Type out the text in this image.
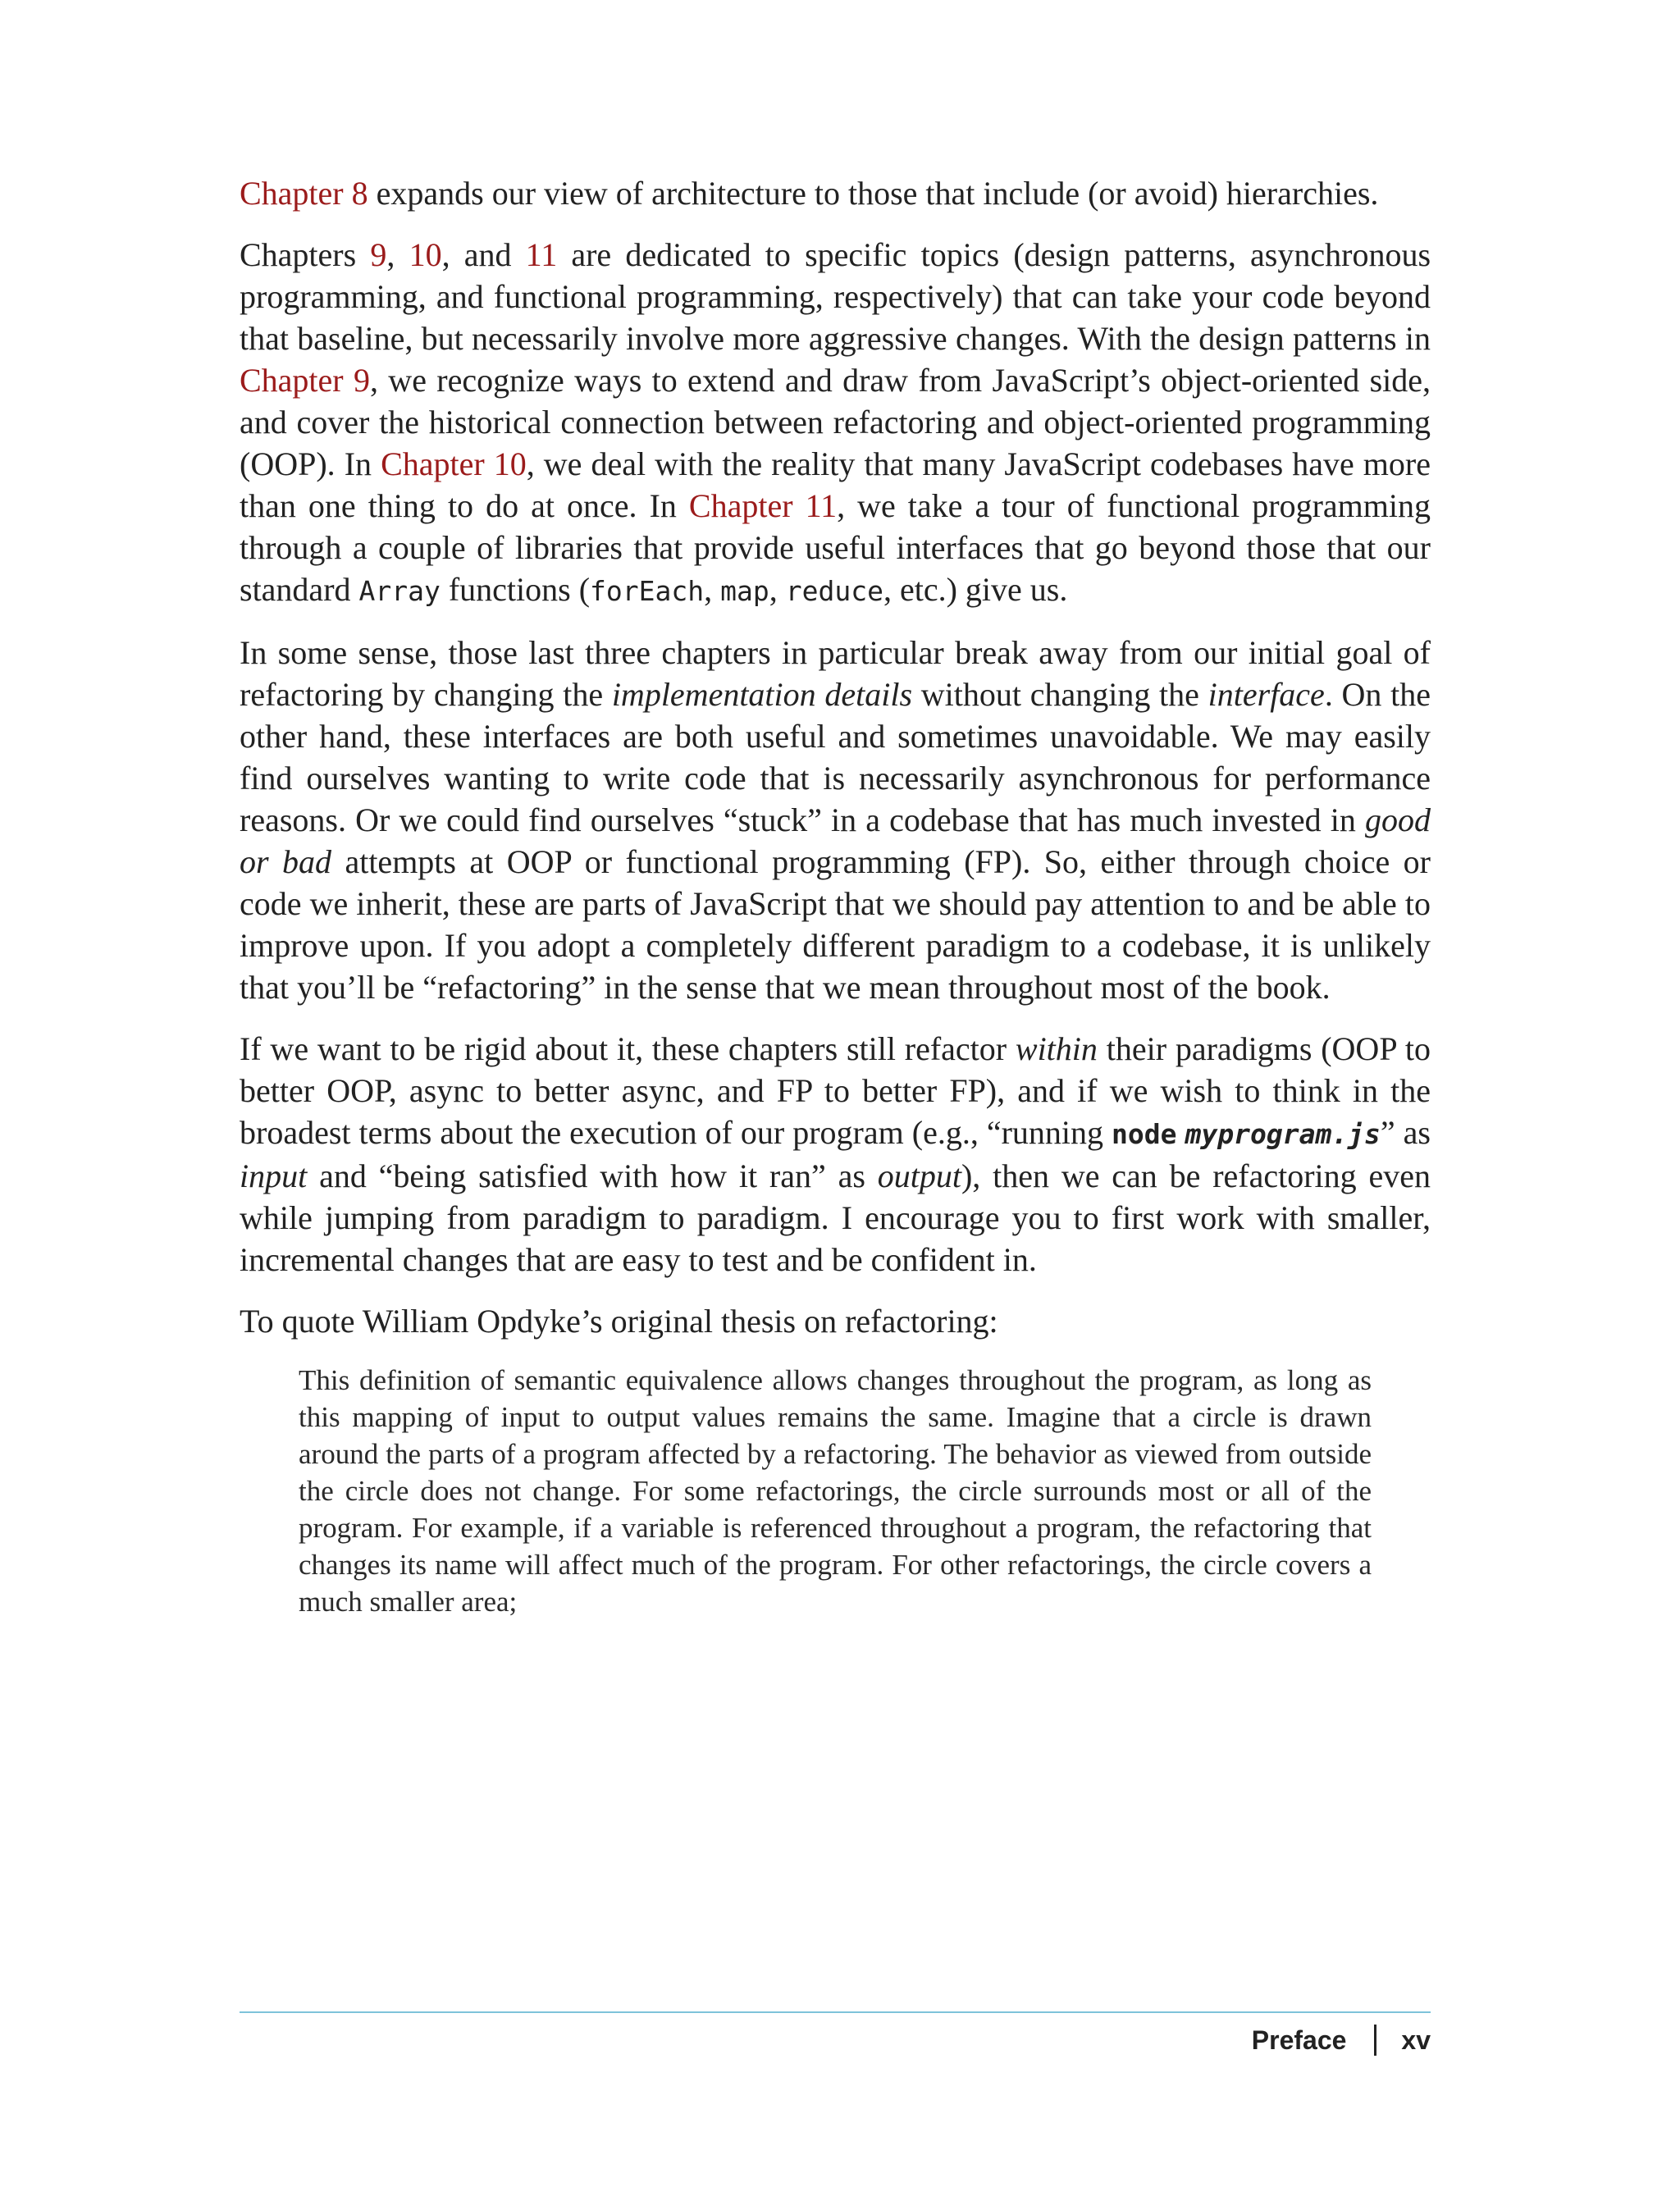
Chapter 8 expands our view of architecture to those that include (or avoid) hierarchies.

Chapters 9, 10, and 11 are dedicated to specific topics (design patterns, asynchronous programming, and functional programming, respectively) that can take your code beyond that baseline, but necessarily involve more aggressive changes. With the design patterns in Chapter 9, we recognize ways to extend and draw from JavaScript’s object-oriented side, and cover the historical connection between refactoring and object-oriented programming (OOP). In Chapter 10, we deal with the reality that many JavaScript codebases have more than one thing to do at once. In Chapter 11, we take a tour of functional programming through a couple of libraries that provide useful interfaces that go beyond those that our standard Array functions (forEach, map, reduce, etc.) give us.

In some sense, those last three chapters in particular break away from our initial goal of refactoring by changing the implementation details without changing the interface. On the other hand, these interfaces are both useful and sometimes unavoidable. We may easily find ourselves wanting to write code that is necessarily asynchronous for performance reasons. Or we could find ourselves “stuck” in a codebase that has much invested in good or bad attempts at OOP or functional programming (FP). So, either through choice or code we inherit, these are parts of JavaScript that we should pay attention to and be able to improve upon. If you adopt a completely different paradigm to a codebase, it is unlikely that you’ll be “refactoring” in the sense that we mean throughout most of the book.

If we want to be rigid about it, these chapters still refactor within their paradigms (OOP to better OOP, async to better async, and FP to better FP), and if we wish to think in the broadest terms about the execution of our program (e.g., “running node myprogram.js” as input and “being satisfied with how it ran” as output), then we can be refactoring even while jumping from paradigm to paradigm. I encourage you to first work with smaller, incremental changes that are easy to test and be confident in.

To quote William Opdyke’s original thesis on refactoring:

This definition of semantic equivalence allows changes throughout the program, as long as this mapping of input to output values remains the same. Imagine that a circle is drawn around the parts of a program affected by a refactoring. The behavior as viewed from outside the circle does not change. For some refactorings, the circle surrounds most or all of the program. For example, if a variable is referenced throughout a program, the refactoring that changes its name will affect much of the program. For other refactorings, the circle covers a much smaller area;
Preface xv
